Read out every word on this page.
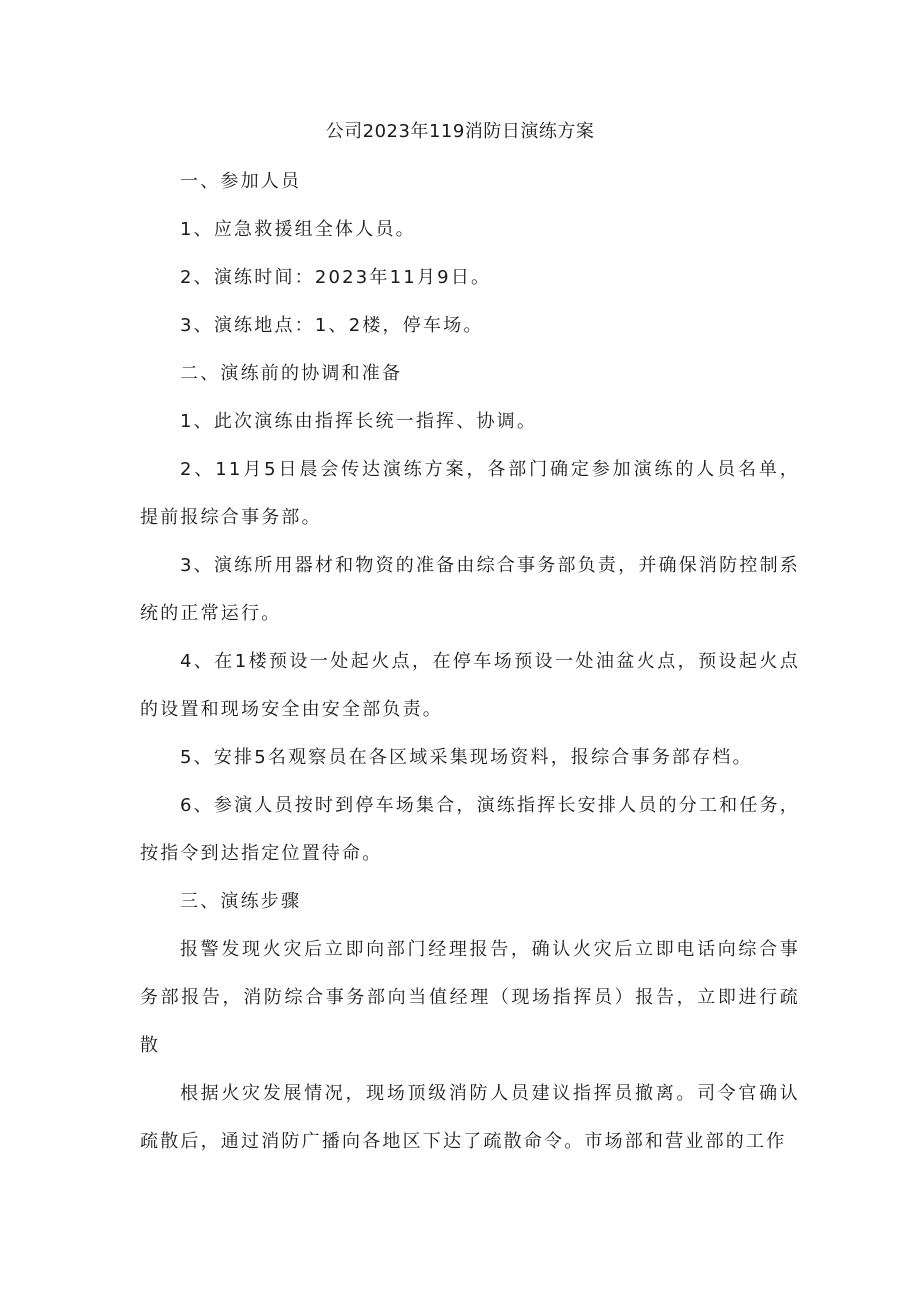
公司2023年119消防日演练方案
一、参加人员
1、应急救援组全体人员。
2、演练时间：2023年11月9日。
3、演练地点：1、2楼，停车场。
二、演练前的协调和准备
1、此次演练由指挥长统一指挥、协调。
2、11月5日晨会传达演练方案，各部门确定参加演练的人员名单，提前报综合事务部。
3、演练所用器材和物资的准备由综合事务部负责，并确保消防控制系统的正常运行。
4、在1楼预设一处起火点，在停车场预设一处油盆火点，预设起火点的设置和现场安全由安全部负责。
5、安排5名观察员在各区域采集现场资料，报综合事务部存档。
6、参演人员按时到停车场集合，演练指挥长安排人员的分工和任务，按指令到达指定位置待命。
三、演练步骤
报警发现火灾后立即向部门经理报告，确认火灾后立即电话向综合事务部报告，消防综合事务部向当值经理（现场指挥员）报告，立即进行疏散
根据火灾发展情况，现场顶级消防人员建议指挥员撤离。司令官确认疏散后，通过消防广播向各地区下达了疏散命令。市场部和营业部的工作
